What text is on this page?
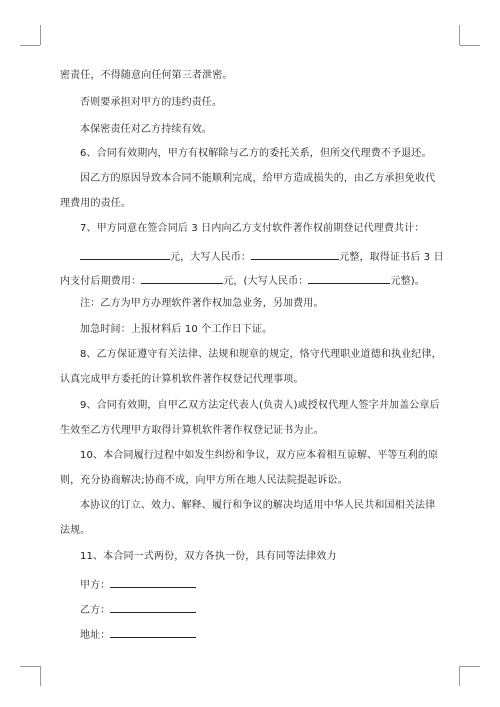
密责任，不得随意向任何第三者泄密。
否则要承担对甲方的违约责任。
本保密责任对乙方持续有效。
6、合同有效期内，甲方有权解除与乙方的委托关系，但所交代理费不予退还。
因乙方的原因导致本合同不能顺利完成，给甲方造成损失的，由乙方承担免收代
理费用的责任。
7、甲方同意在签合同后 3 日内向乙方支付软件著作权前期登记代理费共计：
元，大写人民币：	元整，取得证书后 3 日
内支付后期费用：	元，(大写人民币：	元整)。
注：乙方为甲方办理软件著作权加急业务，另加费用。
加急时间：上报材料后 10 个工作日下证。
8、乙方保证遵守有关法律、法规和规章的规定，恪守代理职业道德和执业纪律，
认真完成甲方委托的计算机软件著作权登记代理事项。
9、合同有效期，自甲乙双方法定代表人(负责人)或授权代理人签字并加盖公章后
生效至乙方代理甲方取得计算机软件著作权登记证书为止。
10、本合同履行过程中如发生纠纷和争议，双方应本着相互谅解、平等互利的原
则，充分协商解决;协商不成，向甲方所在地人民法院提起诉讼。
本协议的订立、效力、解释、履行和争议的解决均适用中华人民共和国相关法律
法规。
11、本合同一式两份，双方各执一份，具有同等法律效力
甲方：
乙方：
地址：
